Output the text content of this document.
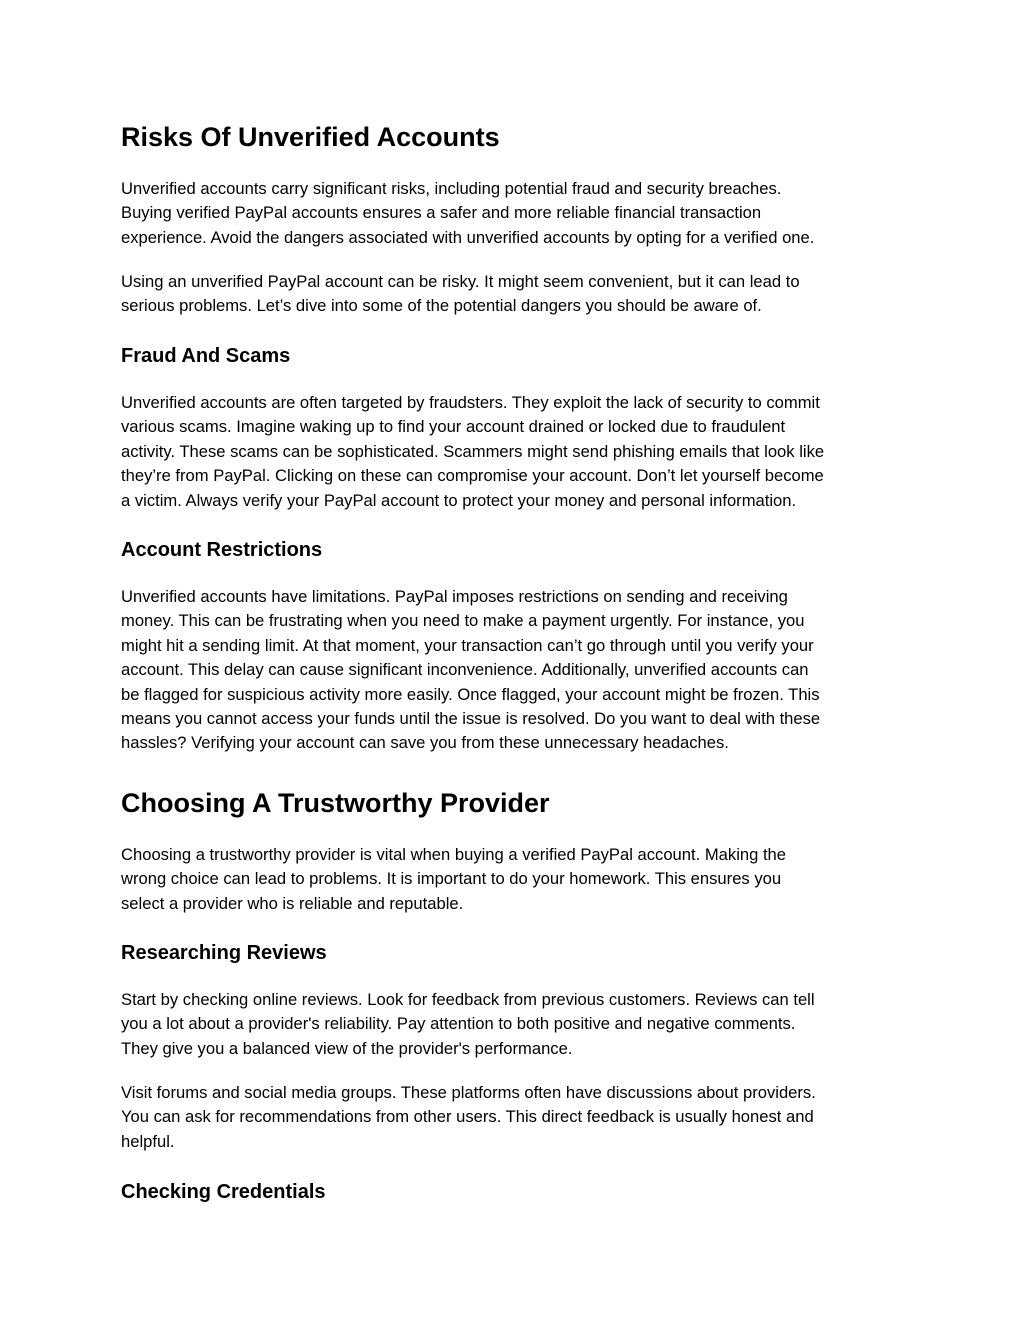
Risks Of Unverified Accounts

Unverified accounts carry significant risks, including potential fraud and security breaches.
Buying verified PayPal accounts ensures a safer and more reliable financial transaction
experience. Avoid the dangers associated with unverified accounts by opting for a verified one.

Using an unverified PayPal account can be risky. It might seem convenient, but it can lead to
serious problems. Let’s dive into some of the potential dangers you should be aware of.

Fraud And Scams

Unverified accounts are often targeted by fraudsters. They exploit the lack of security to commit
various scams. Imagine waking up to find your account drained or locked due to fraudulent
activity. These scams can be sophisticated. Scammers might send phishing emails that look like
they’re from PayPal. Clicking on these can compromise your account. Don’t let yourself become
a victim. Always verify your PayPal account to protect your money and personal information.

Account Restrictions

Unverified accounts have limitations. PayPal imposes restrictions on sending and receiving
money. This can be frustrating when you need to make a payment urgently. For instance, you
might hit a sending limit. At that moment, your transaction can’t go through until you verify your
account. This delay can cause significant inconvenience. Additionally, unverified accounts can
be flagged for suspicious activity more easily. Once flagged, your account might be frozen. This
means you cannot access your funds until the issue is resolved. Do you want to deal with these
hassles? Verifying your account can save you from these unnecessary headaches.

Choosing A Trustworthy Provider

Choosing a trustworthy provider is vital when buying a verified PayPal account. Making the
wrong choice can lead to problems. It is important to do your homework. This ensures you
select a provider who is reliable and reputable.

Researching Reviews

Start by checking online reviews. Look for feedback from previous customers. Reviews can tell
you a lot about a provider's reliability. Pay attention to both positive and negative comments.
They give you a balanced view of the provider's performance.

Visit forums and social media groups. These platforms often have discussions about providers.
You can ask for recommendations from other users. This direct feedback is usually honest and
helpful.

Checking Credentials
